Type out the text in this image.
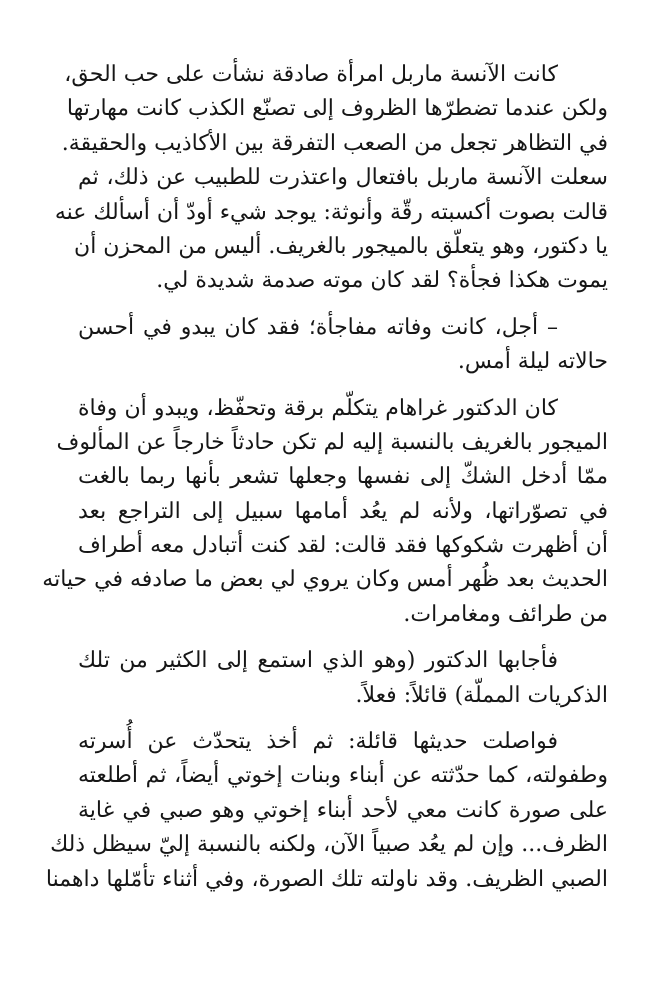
كانت الآنسة ماربل امرأة صادقة نشأت على حب الحق،
ولكن عندما تضطرّها الظروف إلى تصنّع الكذب كانت مهارتها
في التظاهر تجعل من الصعب التفرقة بين الأكاذيب والحقيقة.
سعلت الآنسة ماربل بافتعال واعتذرت للطبيب عن ذلك، ثم
قالت بصوت أكسبته رقّة وأنوثة: يوجد شيء أودّ أن أسألك عنه
يا دكتور، وهو يتعلّق بالميجور بالغريف. أليس من المحزن أن
يموت هكذا فجأة؟ لقد كان موته صدمة شديدة لي.
– أجل، كانت وفاته مفاجأة؛ فقد كان يبدو في أحسن
حالاته ليلة أمس.
كان الدكتور غراهام يتكلّم برقة وتحفّظ، ويبدو أن وفاة
الميجور بالغريف بالنسبة إليه لم تكن حادثاً خارجاً عن المألوف
ممّا أدخل الشكّ إلى نفسها وجعلها تشعر بأنها ربما بالغت
في تصوّراتها، ولأنه لم يعُد أمامها سبيل إلى التراجع بعد
أن أظهرت شكوكها فقد قالت: لقد كنت أتبادل معه أطراف
الحديث بعد ظُهر أمس وكان يروي لي بعض ما صادفه في حياته
من طرائف ومغامرات.
فأجابها الدكتور (وهو الذي استمع إلى الكثير من تلك
الذكريات المملّة) قائلاً: فعلاً.
فواصلت حديثها قائلة: ثم أخذ يتحدّث عن أُسرته
وطفولته، كما حدّثته عن أبناء وبنات إخوتي أيضاً، ثم أطلعته
على صورة كانت معي لأحد أبناء إخوتي وهو صبي في غاية
الظرف... وإن لم يعُد صبياً الآن، ولكنه بالنسبة إليّ سيظل ذلك
الصبي الظريف. وقد ناولته تلك الصورة، وفي أثناء تأمّلها داهمنا
